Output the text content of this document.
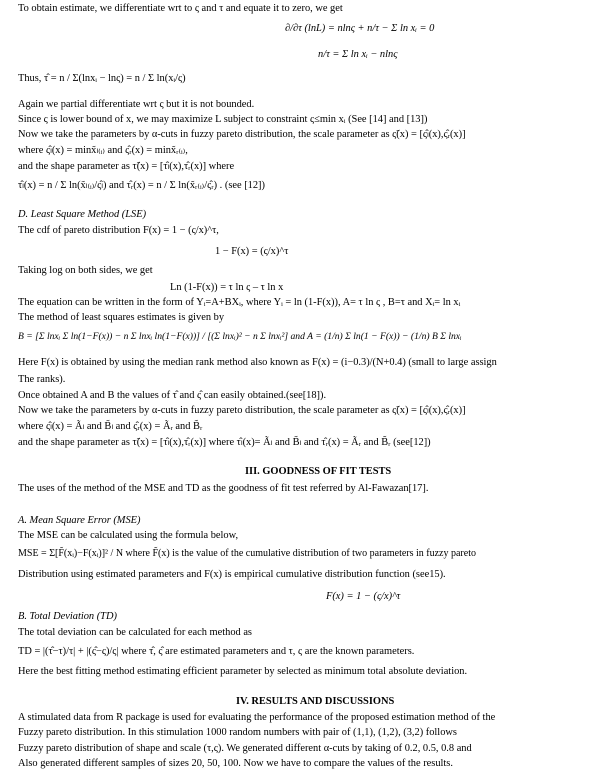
To obtain estimate, we differentiate wrt to ς and τ and equate it to zero, we get
∂/∂τ (lnL) = nlnς + n/τ − Σ ln xᵢ = 0
n/τ = Σ ln xᵢ − nlnς
Thus, τ̂ = n / Σ(lnxᵢ − lnς) = n / Σ ln(xᵢ/ς)
Again we partial differentiate wrt ς but it is not bounded.
Since ς is lower bound of x, we may maximize L subject to constraint ς≤min xᵢ (See [14] and [13])
Now we take the parameters by α-cuts in fuzzy pareto distribution, the scale parameter as ς̃(x) = [ς̂ₗ(x),ς̂ᵣ(x)]
where ς̂ₗ(x) = minx̃ₗ₍ᵢ₎ and ς̂ᵣ(x) = minx̃ᵣ₍ᵢ₎,
and the shape parameter as τ̃(x) = [τ̂ₗ(x),τ̂ᵣ(x)] where
τ̂ₗ(x) = n / Σ ln(x̃ₗ₍ᵢ₎/ς̂ₗ) and τ̂ᵣ(x) = n / Σ ln(x̃ᵣ₍ᵢ₎/ς̂ᵣ) . (see [12])
D. Least Square Method (LSE)
The cdf of pareto distribution F(x) = 1 − (ς/x)^τ,
1 − F(x) = (ς/x)^τ
Taking log on both sides, we get
Ln (1-F(x)) = τ ln ς – τ ln x
The equation can be written in the form of Yᵢ=A+BXᵢ, where Yᵢ = ln (1-F(x)), A= τ ln ς , B=τ and Xᵢ= ln xᵢ
The method of least squares estimates is given by
B = [Σ lnxᵢ Σ ln(1−F(x)) − n Σ lnxᵢ ln(1−F(x))] / [(Σ lnxᵢ)² − n Σ lnxᵢ²] and A = (1/n) Σ ln(1 − F(x)) − (1/n) B Σ lnxᵢ
Here F(x) is obtained by using the median rank method also known as F(x) = (i−0.3)/(N+0.4) (small to large assign
The ranks).
Once obtained A and B the values of τ̂ and ς̂ can easily obtained.(see[18]).
Now we take the parameters by α-cuts in fuzzy pareto distribution, the scale parameter as ς̃(x) = [ς̂ₗ(x),ς̂ᵣ(x)]
where ς̂ₗ(x) = Ãₗ and B̃ₗ and ς̂ᵣ(x) = Ãᵣ and B̃ᵣ
and the shape parameter as τ̃(x) = [τ̂ₗ(x),τ̂ᵣ(x)] where τ̂ₗ(x)= Ãₗ and B̃ₗ and τ̂ᵣ(x) = Ãᵣ and B̃ᵣ (see[12])
III. GOODNESS OF FIT TESTS
The uses of the method of the MSE and TD as the goodness of fit test referred by Al-Fawazan[17].
A. Mean Square Error (MSE)
The MSE can be calculated using the formula below,
MSE = Σ[F̃(xᵢ)−F(xᵢ)]² / N where F̃(x) is the value of the cumulative distribution of two parameters in fuzzy pareto
Distribution using estimated parameters and F(x) is empirical cumulative distribution function (see15).
F(x) = 1 − (ς/x)^τ
B. Total Deviation (TD)
The total deviation can be calculated for each method as
TD = |(τ̂−τ)/τ| + |(ς̂−ς)/ς| where τ̂, ς̂ are estimated parameters and τ, ς are the known parameters.
Here the best fitting method estimating efficient parameter by selected as minimum total absolute deviation.
IV. RESULTS AND DISCUSSIONS
A stimulated data from R package is used for evaluating the performance of the proposed estimation method of the
Fuzzy pareto distribution. In this stimulation 1000 random numbers with pair of (1,1), (1,2), (3,2) follows
Fuzzy pareto distribution of shape and scale (τ,ς). We generated different α-cuts by taking of 0.2, 0.5, 0.8 and
Also generated different samples of sizes 20, 50, 100. Now we have to compare the values of the results.
